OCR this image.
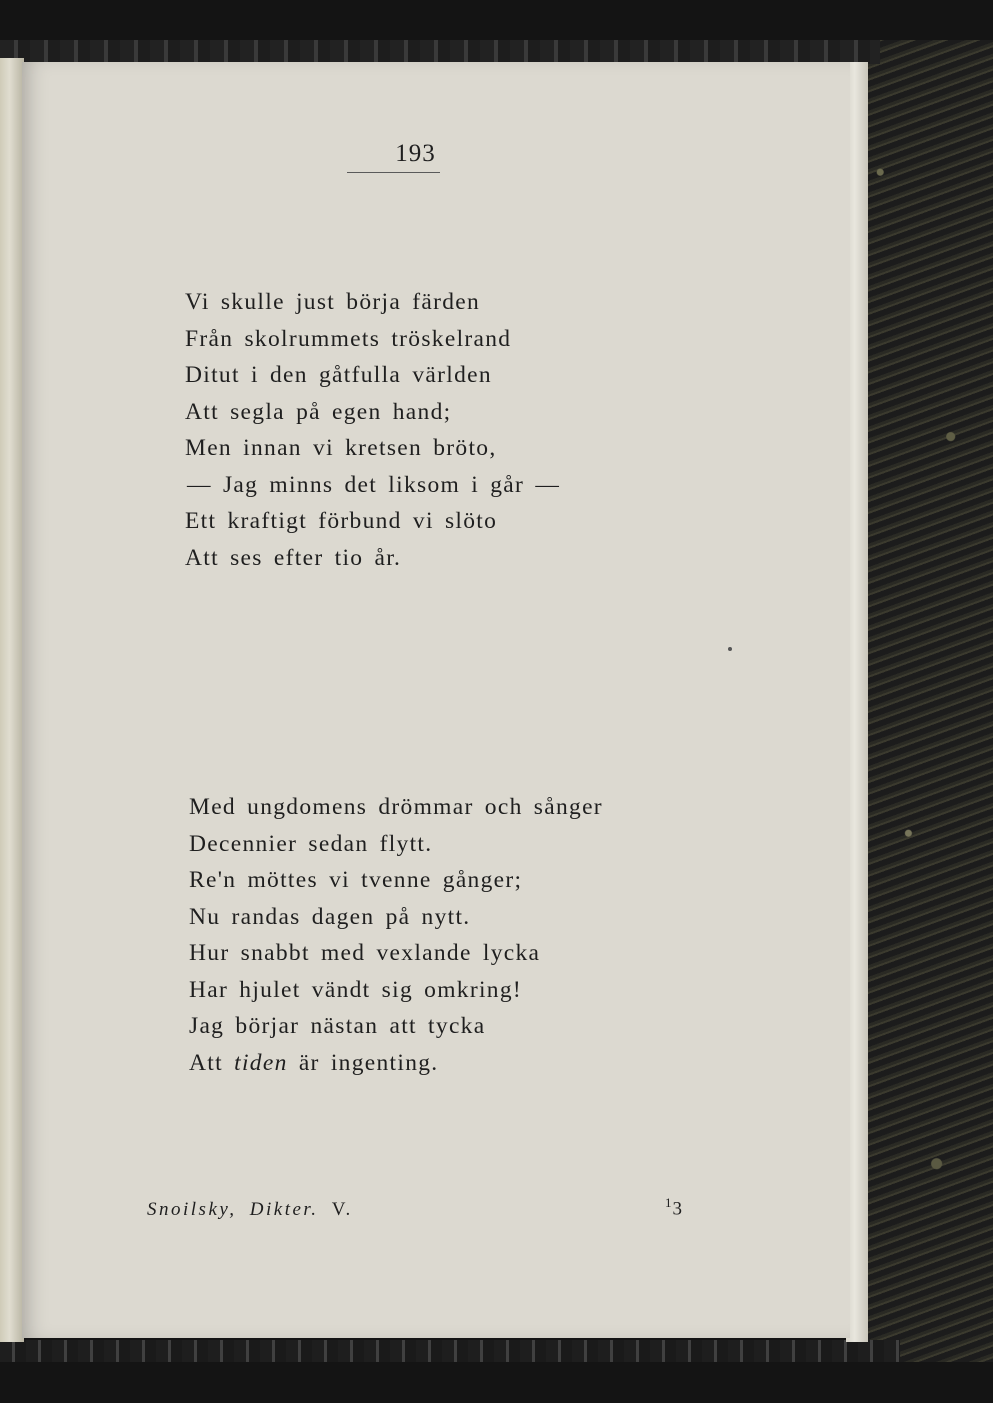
193
Vi skulle just börja färden
Från skolrummets tröskelrand
Ditut i den gåtfulla världen
Att segla på egen hand;
Men innan vi kretsen bröto,
— Jag minns det liksom i går —
Ett kraftigt förbund vi slöto
Att ses efter tio år.
Med ungdomens drömmar och sånger
Decennier sedan flytt.
Re'n möttes vi tvenne gånger;
Nu randas dagen på nytt.
Hur snabbt med vexlande lycka
Har hjulet vändt sig omkring!
Jag börjar nästan att tycka
Att tiden är ingenting.
Snoilsky, Dikter. V.	$^1$3
